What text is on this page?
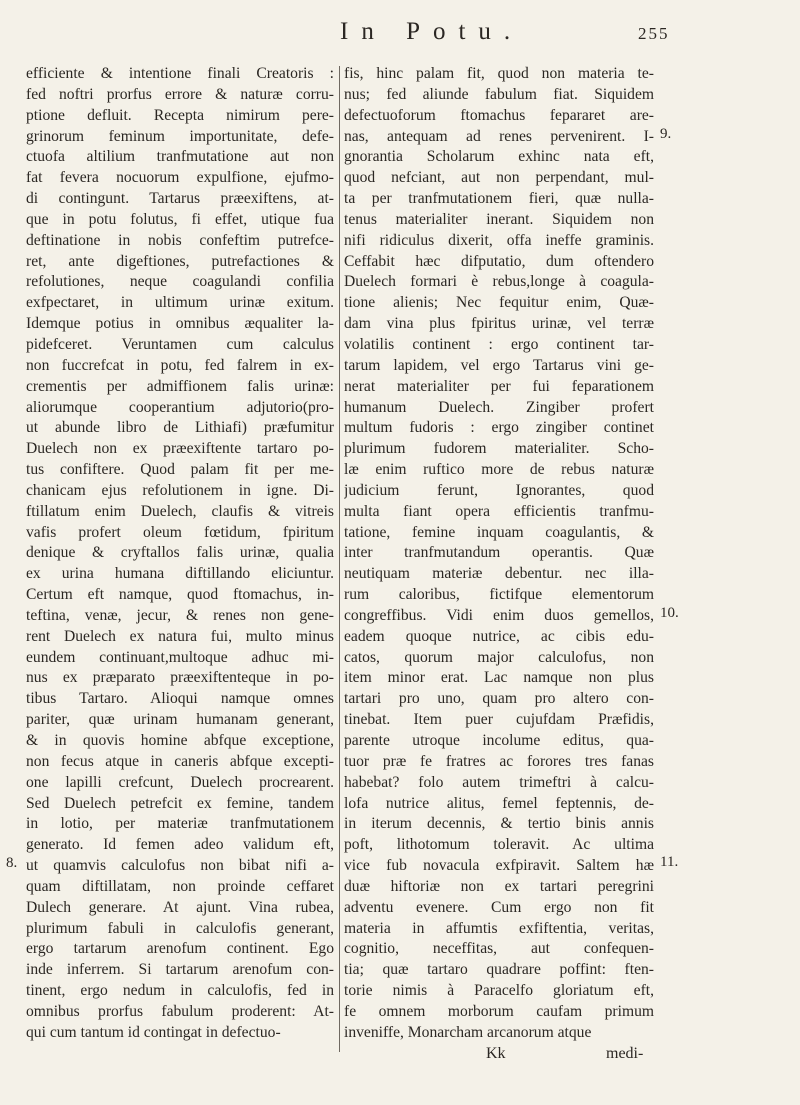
In Potu.	255
efficiente & intentione finali Creatoris :
fed noftri prorfus errore & naturæ corru-
ptione defluit. Recepta nimirum pere-
grinorum feminum importunitate, defe-
ctuofa altilium tranfmutatione aut non
fat fevera nocuorum expulfione, ejufmo-
di contingunt. Tartarus præexiftens, at-
que in potu folutus, fi effet, utique fua
deftinatione in nobis confeftim putrefce-
ret, ante digeftiones, putrefactiones &
refolutiones, neque coagulandi confilia
exfpectaret, in ultimum urinæ exitum.
Idemque potius in omnibus æqualiter la-
pidefceret. Veruntamen cum calculus
non fuccrefcat in potu, fed falrem in ex-
crementis per admiffionem falis urinæ:
aliorumque cooperantium adjutorio(pro-
ut abunde libro de Lithiafi) præfumitur
Duelech non ex præexiftente tartaro po-
tus confiftere. Quod palam fit per me-
chanicam ejus refolutionem in igne. Di-
ftillatum enim Duelech, claufis & vitreis
vafis profert oleum fœtidum, fpiritum
denique & cryftallos falis urinæ, qualia
ex urina humana diftillando eliciuntur.
Certum eft namque, quod ftomachus, in-
teftina, venæ, jecur, & renes non gene-
rent Duelech ex natura fui, multo minus
eundem continuant,multoque adhuc mi-
nus ex præparato præexiftenteque in po-
tibus Tartaro. Alioqui namque omnes
pariter, quæ urinam humanam generant,
& in quovis homine abfque exceptione,
non fecus atque in caneris abfque excepti-
one lapilli crefcunt, Duelech procrearent.
Sed Duelech petrefcit ex femine, tandem
in lotio, per materiæ tranfmutationem
generato. Id femen adeo validum eft,
ut quamvis calculofus non bibat nifi a-
quam diftillatam, non proinde ceffaret
Dulech generare. At ajunt. Vina rubea,
plurimum fabuli in calculofis generant,
ergo tartarum arenofum continent. Ego
inde inferrem. Si tartarum arenofum con-
tinent, ergo nedum in calculofis, fed in
omnibus prorfus fabulum proderent: At-
qui cum tantum id contingat in defectuo-
fis, hinc palam fit, quod non materia te-
nus; fed aliunde fabulum fiat. Siquidem
defectuoforum ftomachus fepararet are-
nas, antequam ad renes pervenirent. I-
gnorantia Scholarum exhinc nata eft,
quod nefciant, aut non perpendant, mul-
ta per tranfmutationem fieri, quæ nulla-
tenus materialiter inerant. Siquidem non
nifi ridiculus dixerit, offa ineffe graminis.
Ceffabit hæc difputatio, dum oftendero
Duelech formari è rebus,longe à coagula-
tione alienis; Nec fequitur enim, Quæ-
dam vina plus fpiritus urinæ, vel terræ
volatilis continent : ergo continent tar-
tarum lapidem, vel ergo Tartarus vini ge-
nerat materialiter per fui feparationem
humanum Duelech. Zingiber profert
multum fudoris : ergo zingiber continet
plurimum fudorem materialiter. Scho-
læ enim ruftico more de rebus naturæ
judicium ferunt, Ignorantes, quod
multa fiant opera efficientis tranfmu-
tatione, femine inquam coagulantis, &
inter tranfmutandum operantis. Quæ
neutiquam materiæ debentur. nec illa-
rum caloribus, fictifque elementorum
congreffibus. Vidi enim duos gemellos,
eadem quoque nutrice, ac cibis edu-
catos, quorum major calculofus, non
item minor erat. Lac namque non plus
tartari pro uno, quam pro altero con-
tinebat. Item puer cujufdam Præfidis,
parente utroque incolume editus, qua-
tuor præ fe fratres ac forores tres fanas
habebat? folo autem trimeftri à calcu-
lofa nutrice alitus, femel feptennis, de-
in iterum decennis, & tertio binis annis
poft, lithotomum toleravit. Ac ultima
vice fub novacula exfpiravit. Saltem hæ
duæ hiftoriæ non ex tartari peregrini
adventu evenere. Cum ergo non fit
materia in affumtis exfiftentia, veritas,
cognitio, neceffitas, aut confequen-
tia; quæ tartaro quadrare poffint: ften-
torie nimis à Paracelfo gloriatum eft,
fe omnem morborum caufam primum
inveniffe, Monarcham arcanorum atque
8.
9.
10.
11.
Kk	medi-
